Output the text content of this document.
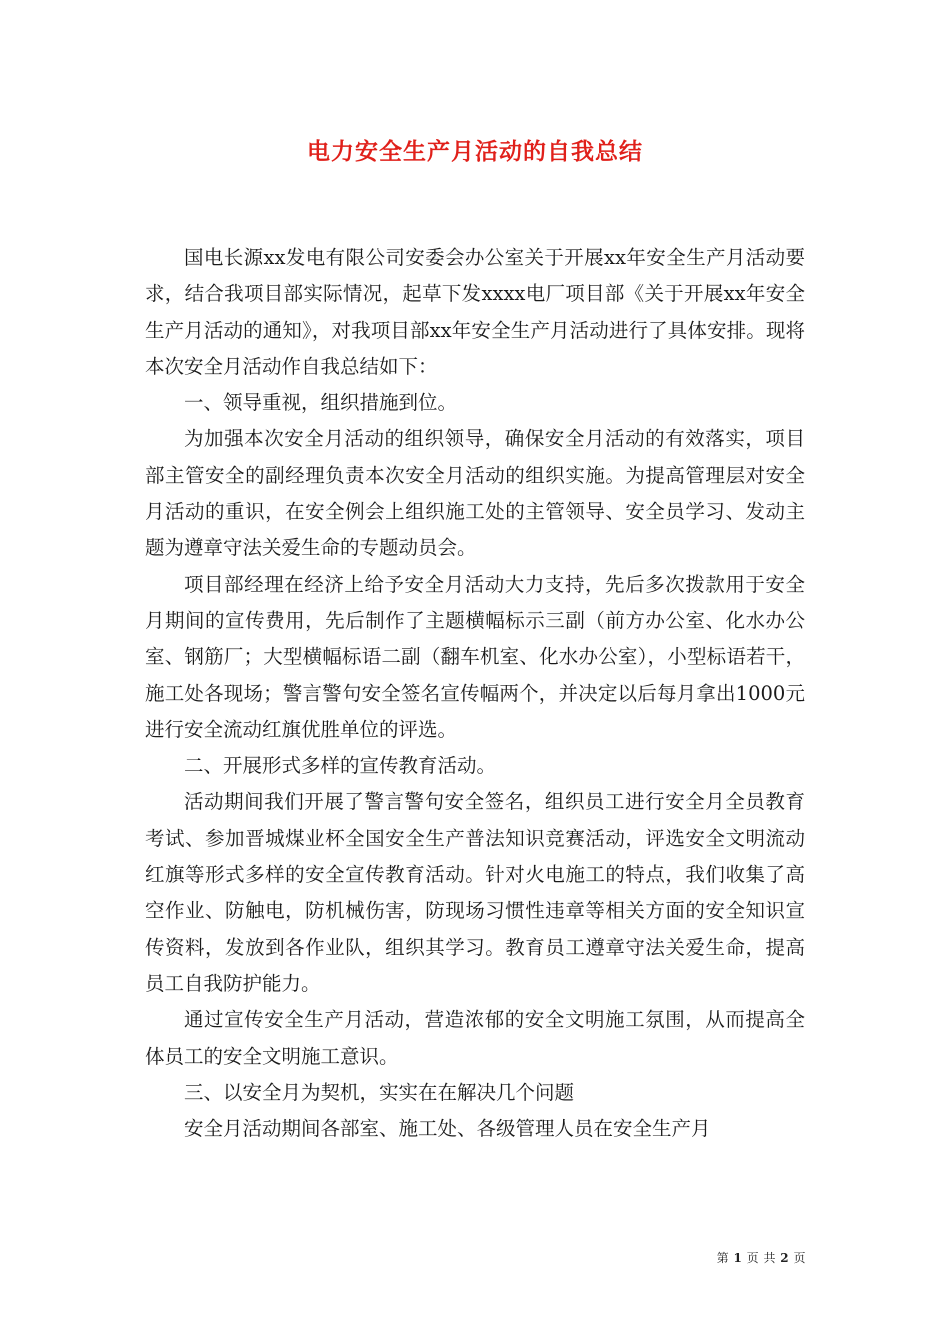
电力安全生产月活动的自我总结

国电长源xx发电有限公司安委会办公室关于开展xx年安全生产月活动要求，结合我项目部实际情况，起草下发xxxx电厂项目部《关于开展xx年安全生产月活动的通知》，对我项目部xx年安全生产月活动进行了具体安排。现将本次安全月活动作自我总结如下：

一、领导重视，组织措施到位。

为加强本次安全月活动的组织领导，确保安全月活动的有效落实，项目部主管安全的副经理负责本次安全月活动的组织实施。为提高管理层对安全月活动的重识，在安全例会上组织施工处的主管领导、安全员学习、发动主题为遵章守法关爱生命的专题动员会。

项目部经理在经济上给予安全月活动大力支持，先后多次拨款用于安全月期间的宣传费用，先后制作了主题横幅标示三副（前方办公室、化水办公室、钢筋厂；大型横幅标语二副（翻车机室、化水办公室），小型标语若干，施工处各现场；警言警句安全签名宣传幅两个，并决定以后每月拿出1000元进行安全流动红旗优胜单位的评选。

二、开展形式多样的宣传教育活动。

活动期间我们开展了警言警句安全签名，组织员工进行安全月全员教育考试、参加晋城煤业杯全国安全生产普法知识竞赛活动，评选安全文明流动红旗等形式多样的安全宣传教育活动。针对火电施工的特点，我们收集了高空作业、防触电，防机械伤害，防现场习惯性违章等相关方面的安全知识宣传资料，发放到各作业队，组织其学习。教育员工遵章守法关爱生命，提高员工自我防护能力。

通过宣传安全生产月活动，营造浓郁的安全文明施工氛围，从而提高全体员工的安全文明施工意识。

三、以安全月为契机，实实在在解决几个问题

安全月活动期间各部室、施工处、各级管理人员在安全生产月

第 1 页 共 2 页
